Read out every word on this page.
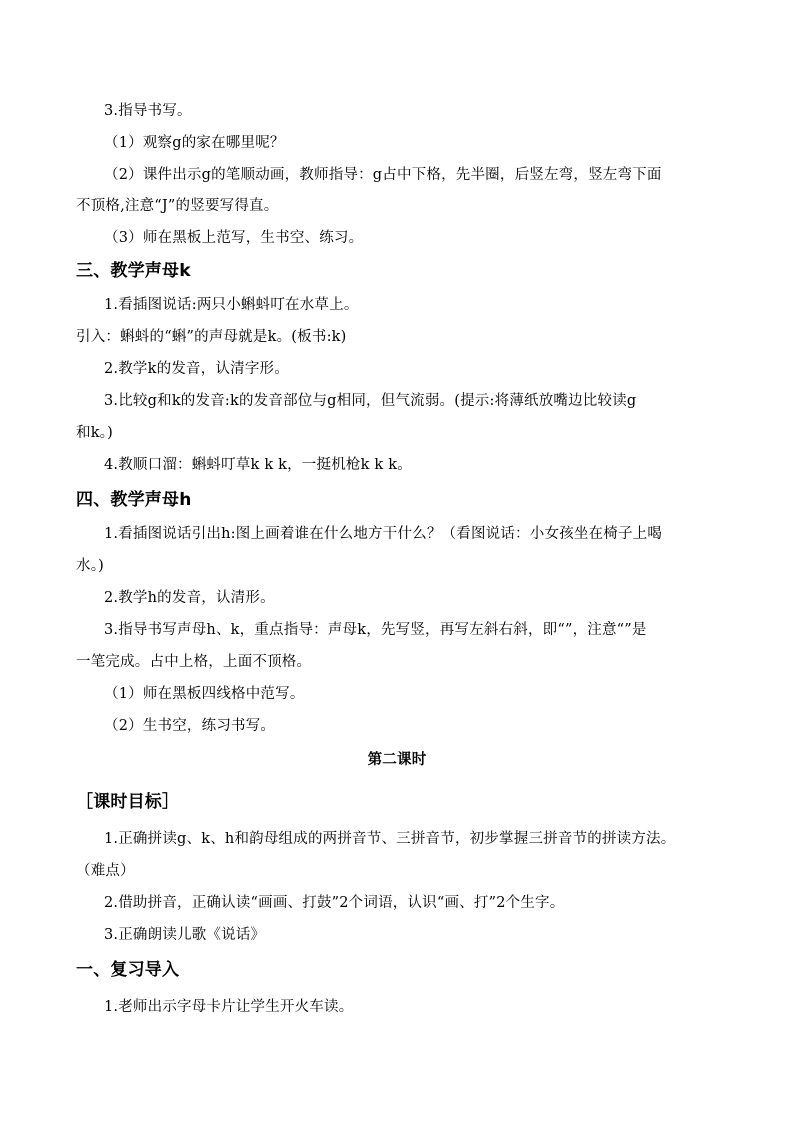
3.指导书写。
（1）观察g的家在哪里呢？
（2）课件出示g的笔顺动画，教师指导：g占中下格，先半圈，后竖左弯，竖左弯下面
不顶格,注意“J”的竖要写得直。
（3）师在黑板上范写，生书空、练习。
三、教学声母k
1.看插图说话:两只小蝌蚪叮在水草上。
引入：蝌蚪的“蝌”的声母就是k。(板书:k)
2.教学k的发音，认清字形。
3.比较g和k的发音:k的发音部位与g相同，但气流弱。(提示:将薄纸放嘴边比较读g
和k。)
4.教顺口溜：蝌蚪叮草k k k，一挺机枪k k k。
四、教学声母h
1.看插图说话引出h:图上画着谁在什么地方干什么？（看图说话：小女孩坐在椅子上喝
水。)
2.教学h的发音，认清形。
3.指导书写声母h、k，重点指导：声母k，先写竖，再写左斜右斜，即“”，注意“”是
一笔完成。占中上格，上面不顶格。
（1）师在黑板四线格中范写。
（2）生书空，练习书写。
第二课时
［课时目标］
1.正确拼读g、k、h和韵母组成的两拼音节、三拼音节，初步掌握三拼音节的拼读方法。
（难点）
2.借助拼音，正确认读“画画、打鼓”2个词语，认识“画、打”2个生字。
3.正确朗读儿歌《说话》
一、复习导入
1.老师出示字母卡片让学生开火车读。
